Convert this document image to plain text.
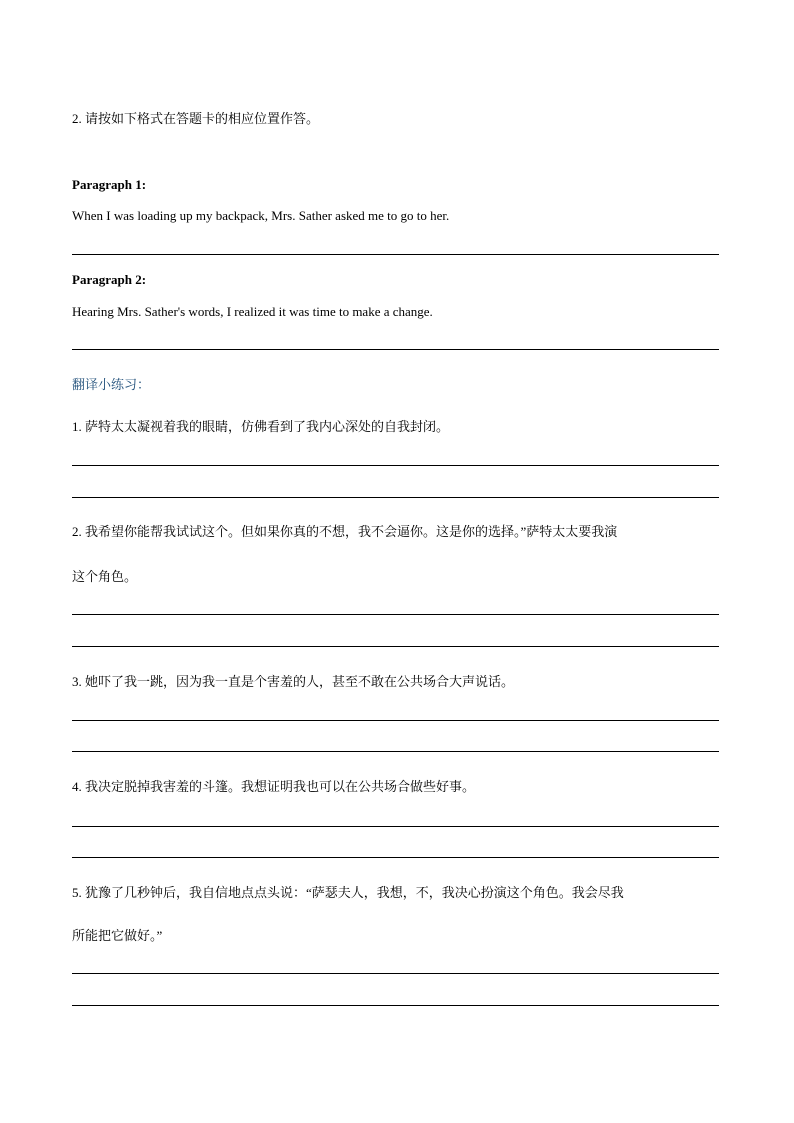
2. 请按如下格式在答题卡的相应位置作答。
Paragraph 1:
When I was loading up my backpack, Mrs. Sather asked me to go to her.
Paragraph 2:
Hearing Mrs. Sather's words, I realized it was time to make a change.
翻译小练习：
1. 萨特太太凝视着我的眼睛，仿佛看到了我内心深处的自我封闭。
2. 我希望你能帮我试试这个。但如果你真的不想，我不会逼你。这是你的选择。”萨特太太要我演
这个角色。
3. 她吓了我一跳，因为我一直是个害羞的人，甚至不敢在公共场合大声说话。
4. 我决定脱掉我害羞的斗篷。我想证明我也可以在公共场合做些好事。
5. 犹豫了几秒钟后，我自信地点点头说：“萨瑟夫人，我想，不，我决心扮演这个角色。我会尽我
所能把它做好。”
